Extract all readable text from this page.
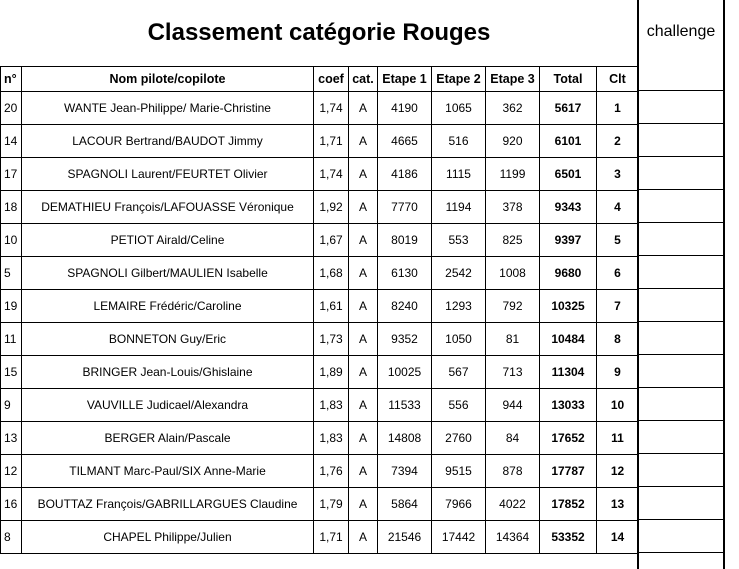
Classement catégorie Rouges	challenge
n°	Nom pilote/copilote	coef	cat.	Etape 1	Etape 2	Etape 3	Total	Clt
20	WANTE Jean-Philippe/ Marie-Christine	1,74	A	4190	1065	362	5617	1
14	LACOUR Bertrand/BAUDOT Jimmy	1,71	A	4665	516	920	6101	2
17	SPAGNOLI Laurent/FEURTET Olivier	1,74	A	4186	1115	1199	6501	3
18	DEMATHIEU François/LAFOUASSE Véronique	1,92	A	7770	1194	378	9343	4
10	PETIOT Airald/Celine	1,67	A	8019	553	825	9397	5
5	SPAGNOLI Gilbert/MAULIEN Isabelle	1,68	A	6130	2542	1008	9680	6
19	LEMAIRE Frédéric/Caroline	1,61	A	8240	1293	792	10325	7
11	BONNETON Guy/Eric	1,73	A	9352	1050	81	10484	8
15	BRINGER Jean-Louis/Ghislaine	1,89	A	10025	567	713	11304	9
9	VAUVILLE Judicael/Alexandra	1,83	A	11533	556	944	13033	10
13	BERGER Alain/Pascale	1,83	A	14808	2760	84	17652	11
12	TILMANT Marc-Paul/SIX Anne-Marie	1,76	A	7394	9515	878	17787	12
16	BOUTTAZ François/GABRILLARGUES Claudine	1,79	A	5864	7966	4022	17852	13
8	CHAPEL Philippe/Julien	1,71	A	21546	17442	14364	53352	14
